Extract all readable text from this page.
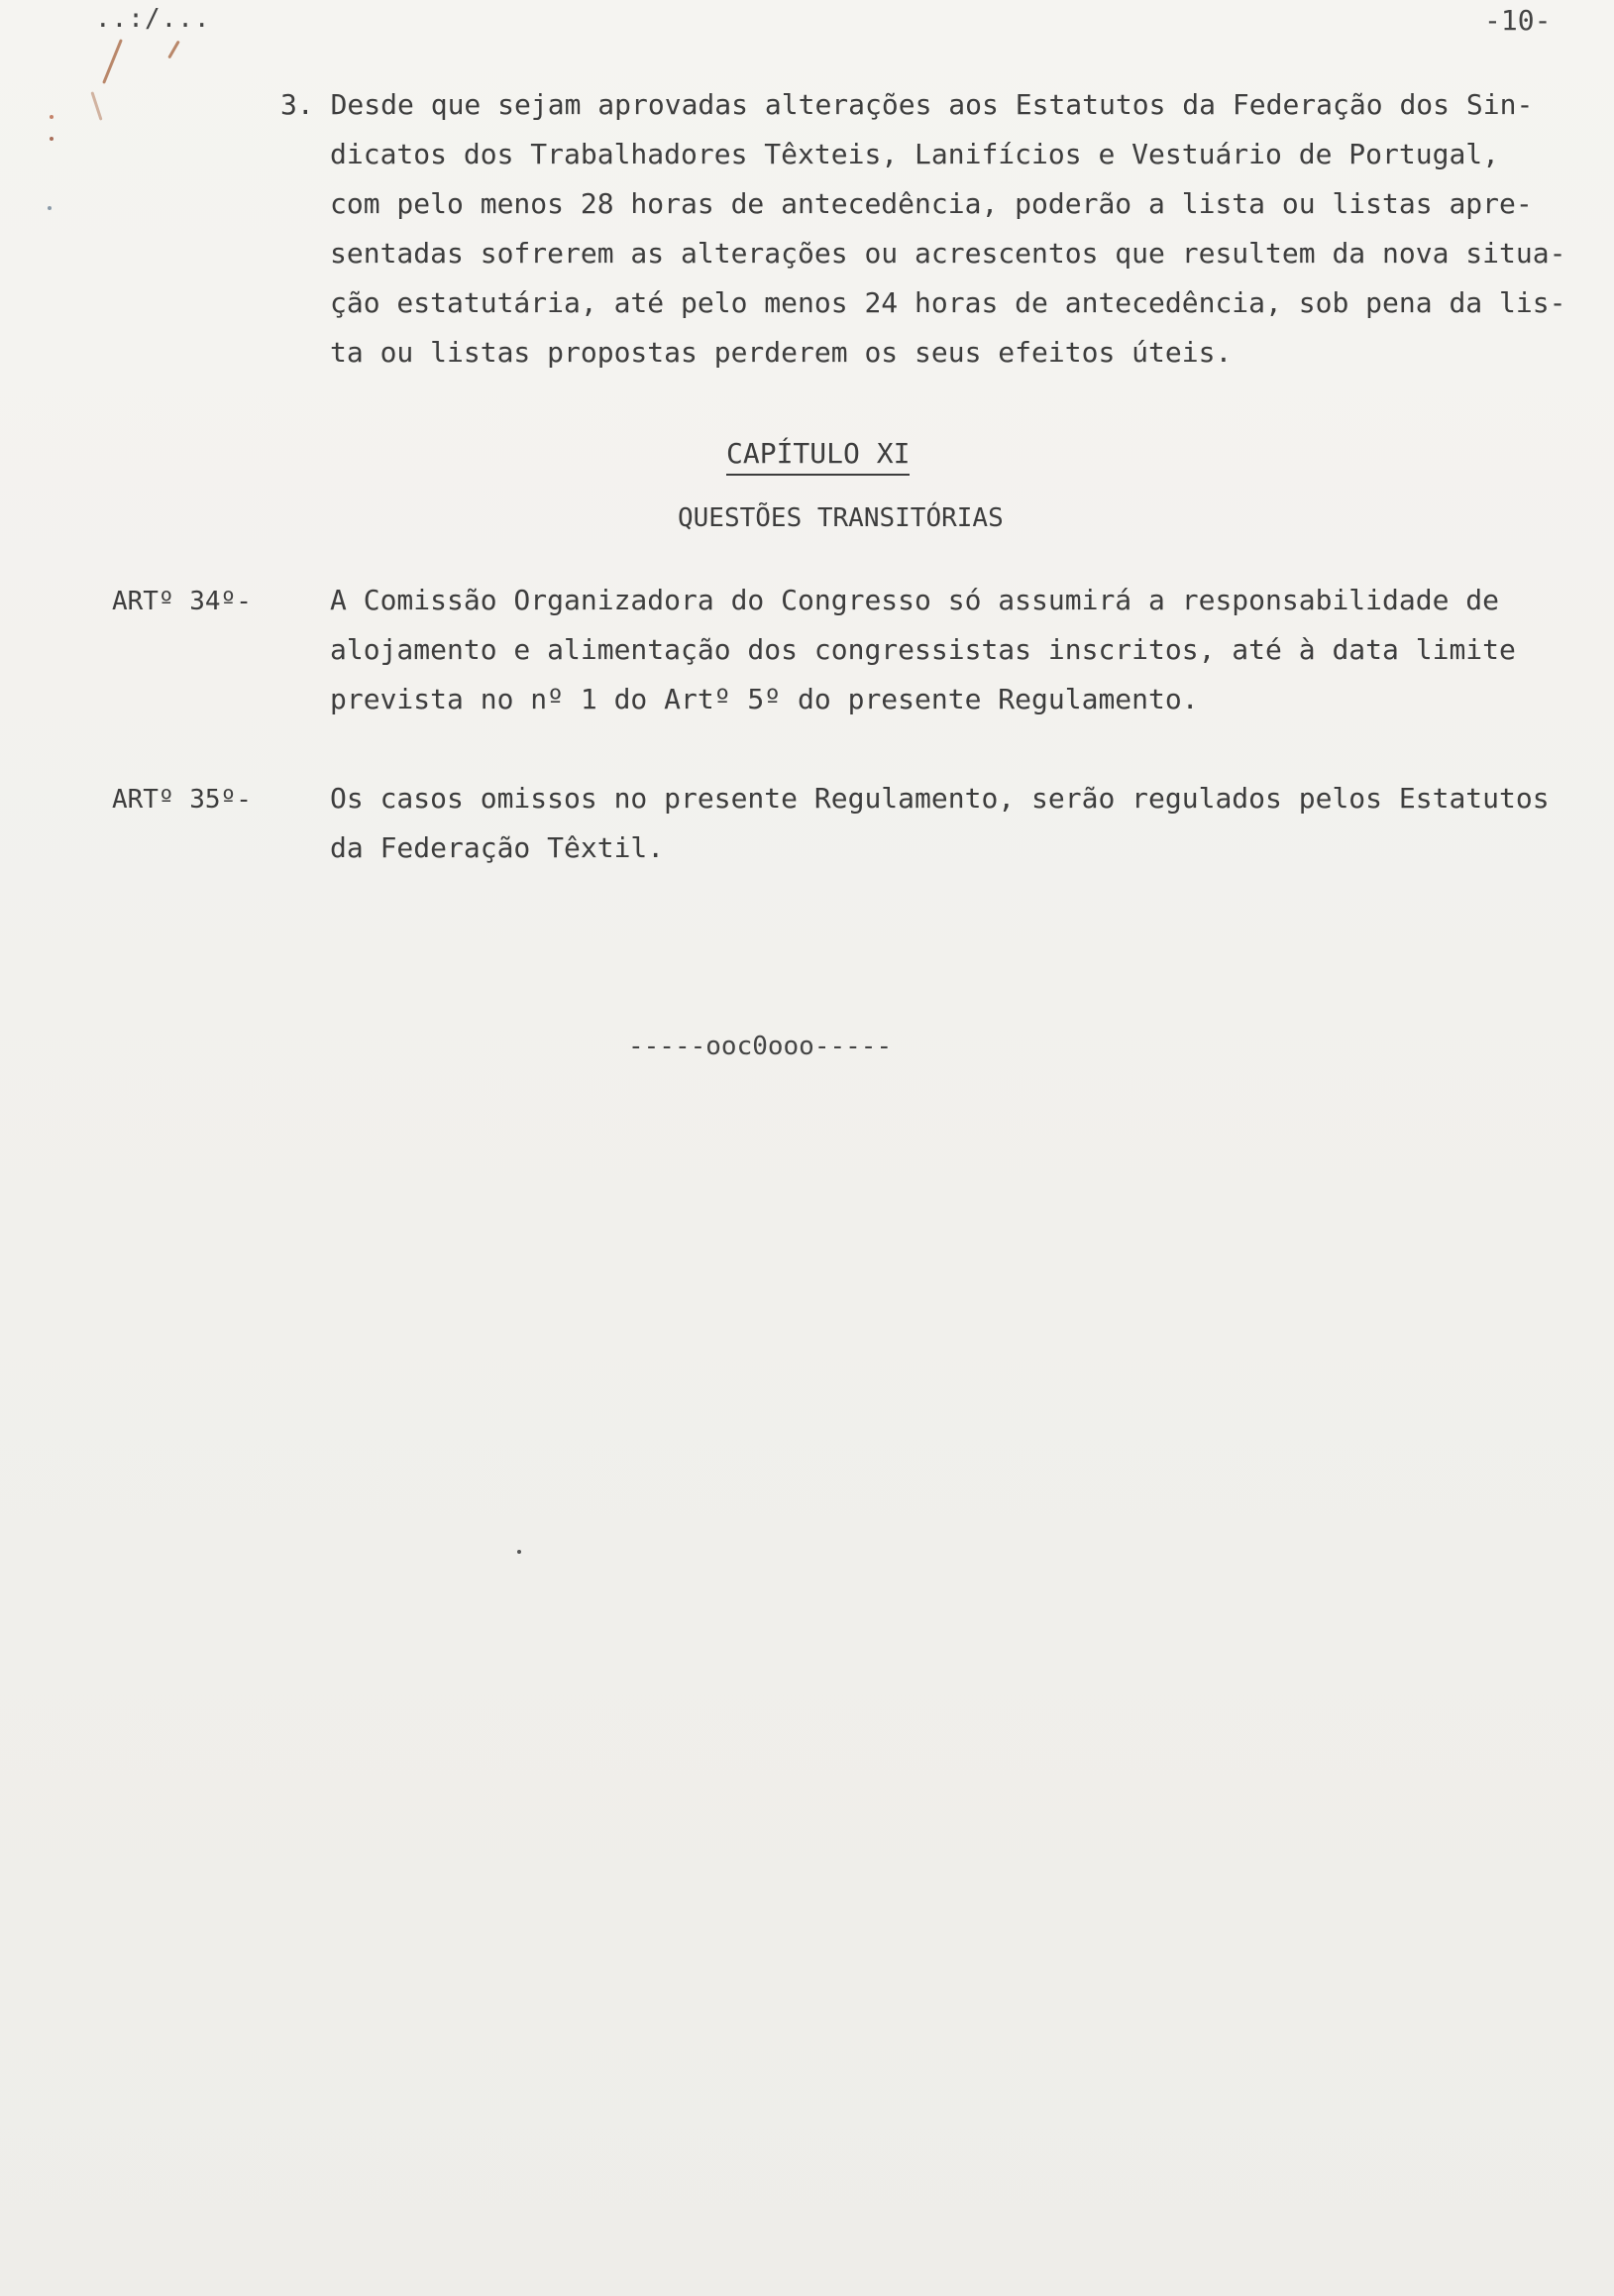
..:/...	-10-
3. Desde que sejam aprovadas alterações aos Estatutos da Federação dos Sin-
dicatos dos Trabalhadores Têxteis, Lanifícios e Vestuário de Portugal,
com pelo menos 28 horas de antecedência, poderão a lista ou listas apre-
sentadas sofrerem as alterações ou acrescentos que resultem da nova situa-
ção estatutária, até pelo menos 24 horas de antecedência, sob pena da lis-
ta ou listas propostas perderem os seus efeitos úteis.
CAPÍTULO XI
QUESTÕES TRANSITÓRIAS
ARTº 34º-	A Comissão Organizadora do Congresso só assumirá a responsabilidade de
alojamento e alimentação dos congressistas inscritos, até à data limite
prevista no nº 1 do Artº 5º do presente Regulamento.
ARTº 35º-	Os casos omissos no presente Regulamento, serão regulados pelos Estatutos
da Federação Têxtil.
-----ooc0ooo-----
